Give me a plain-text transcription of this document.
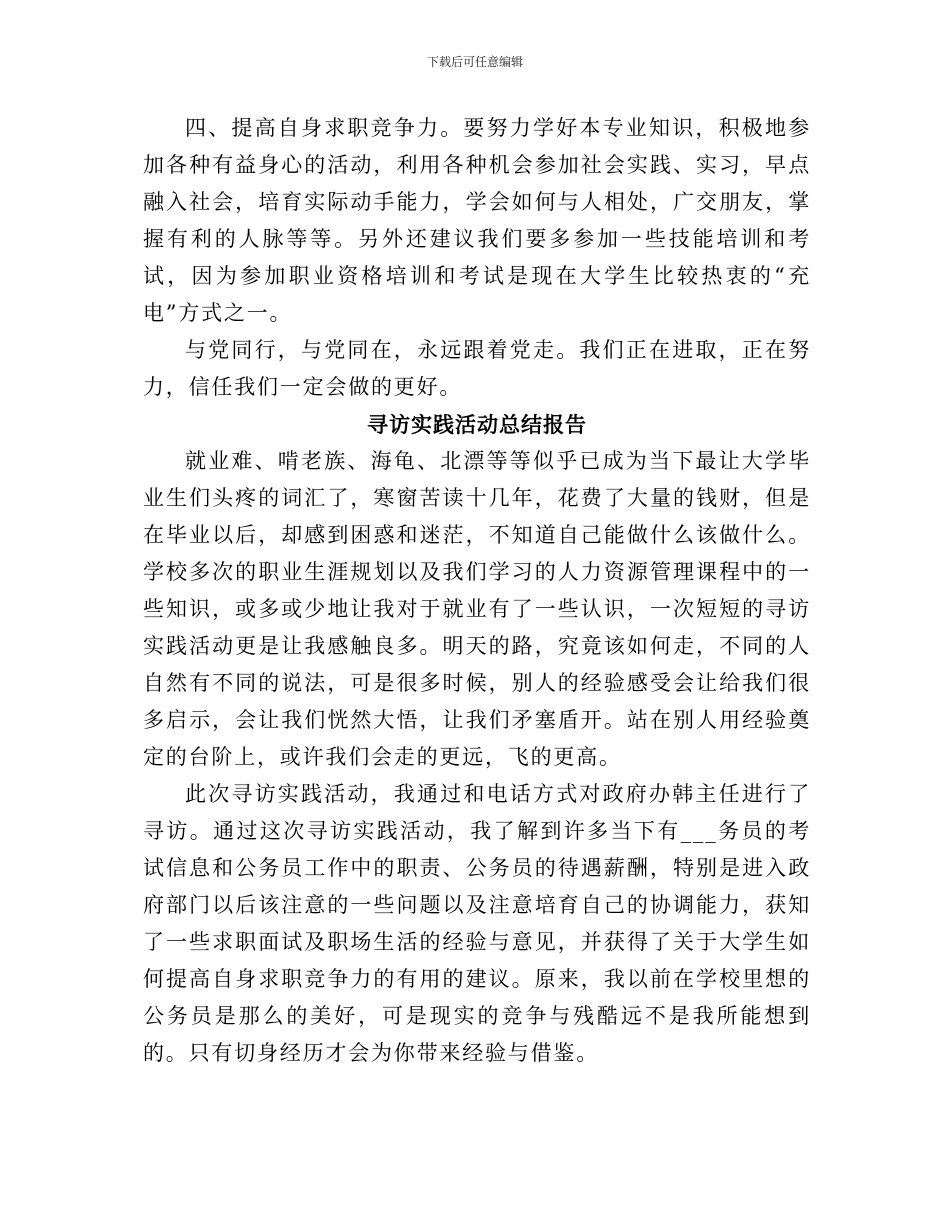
下载后可任意编辑

四、提高自身求职竞争力。要努力学好本专业知识，积极地参加各种有益身心的活动，利用各种机会参加社会实践、实习，早点融入社会，培育实际动手能力，学会如何与人相处，广交朋友，掌握有利的人脉等等。另外还建议我们要多参加一些技能培训和考试，因为参加职业资格培训和考试是现在大学生比较热衷的“充电”方式之一。

与党同行，与党同在，永远跟着党走。我们正在进取，正在努力，信任我们一定会做的更好。

寻访实践活动总结报告

就业难、啃老族、海龟、北漂等等似乎已成为当下最让大学毕业生们头疼的词汇了，寒窗苦读十几年，花费了大量的钱财，但是在毕业以后，却感到困惑和迷茫，不知道自己能做什么该做什么。学校多次的职业生涯规划以及我们学习的人力资源管理课程中的一些知识，或多或少地让我对于就业有了一些认识，一次短短的寻访实践活动更是让我感触良多。明天的路，究竟该如何走，不同的人自然有不同的说法，可是很多时候，别人的经验感受会让给我们很多启示，会让我们恍然大悟，让我们矛塞盾开。站在别人用经验奠定的台阶上，或许我们会走的更远，飞的更高。

此次寻访实践活动，我通过和电话方式对政府办韩主任进行了寻访。通过这次寻访实践活动，我了解到许多当下有___务员的考试信息和公务员工作中的职责、公务员的待遇薪酬，特别是进入政府部门以后该注意的一些问题以及注意培育自己的协调能力，获知了一些求职面试及职场生活的经验与意见，并获得了关于大学生如何提高自身求职竞争力的有用的建议。原来，我以前在学校里想的公务员是那么的美好，可是现实的竞争与残酷远不是我所能想到的。只有切身经历才会为你带来经验与借鉴。
